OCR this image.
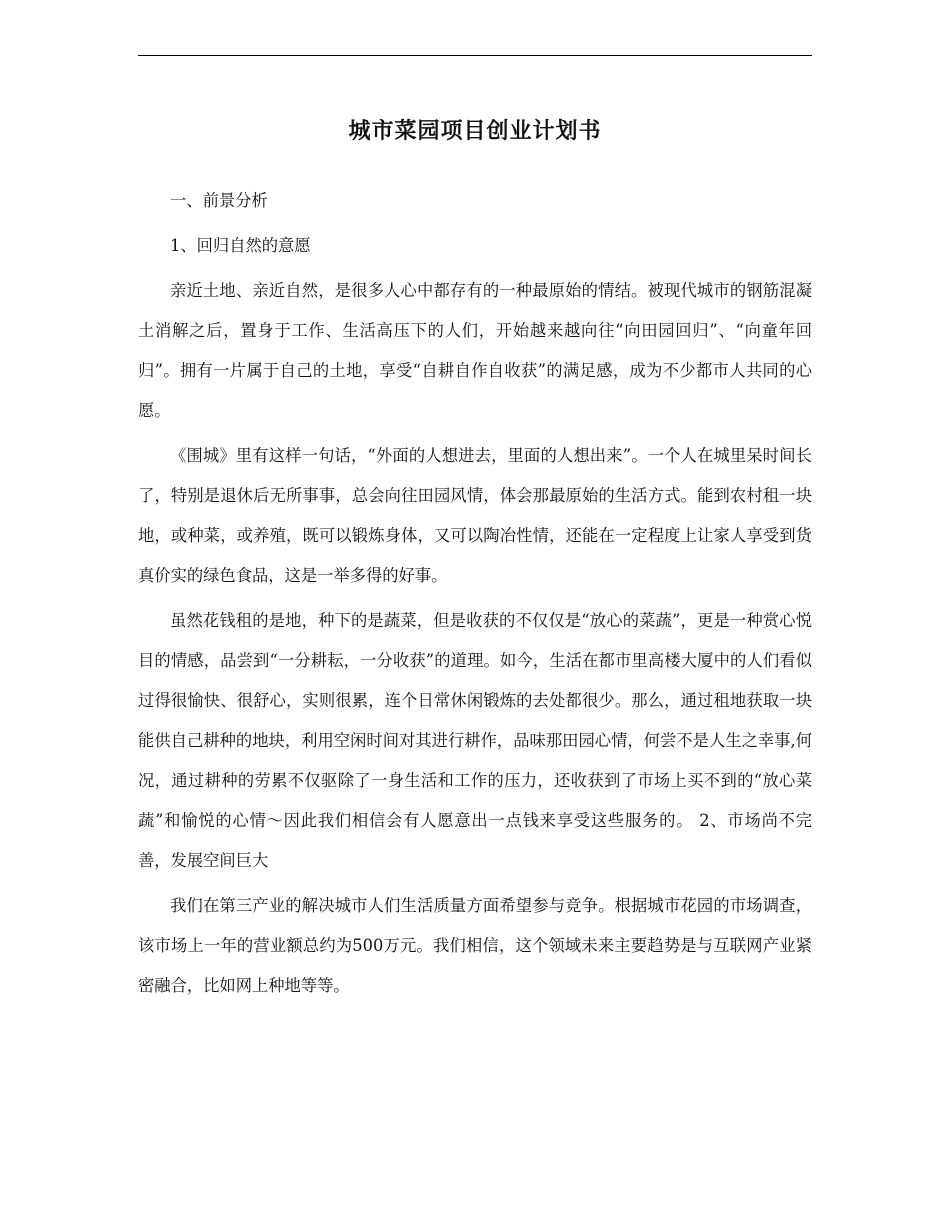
城市菜园项目创业计划书

一、前景分析

1、回归自然的意愿

亲近土地、亲近自然，是很多人心中都存有的一种最原始的情结。被现代城市的钢筋混凝土消解之后，置身于工作、生活高压下的人们，开始越来越向往“向田园回归”、“向童年回归”。拥有一片属于自己的土地，享受“自耕自作自收获”的满足感，成为不少都市人共同的心愿。

《围城》里有这样一句话，“外面的人想进去，里面的人想出来”。一个人在城里呆时间长了，特别是退休后无所事事，总会向往田园风情，体会那最原始的生活方式。能到农村租一块地，或种菜，或养殖，既可以锻炼身体，又可以陶冶性情，还能在一定程度上让家人享受到货真价实的绿色食品，这是一举多得的好事。

虽然花钱租的是地，种下的是蔬菜，但是收获的不仅仅是“放心的菜蔬”，更是一种赏心悦目的情感，品尝到“一分耕耘，一分收获”的道理。如今，生活在都市里高楼大厦中的人们看似过得很愉快、很舒心，实则很累，连个日常休闲锻炼的去处都很少。那么，通过租地获取一块能供自己耕种的地块，利用空闲时间对其进行耕作，品味那田园心情，何尝不是人生之幸事,何况，通过耕种的劳累不仅驱除了一身生活和工作的压力，还收获到了市场上买不到的“放心菜蔬”和愉悦的心情～因此我们相信会有人愿意出一点钱来享受这些服务的。 2、市场尚不完善，发展空间巨大

我们在第三产业的解决城市人们生活质量方面希望参与竞争。根据城市花园的市场调查，该市场上一年的营业额总约为500万元。我们相信，这个领域未来主要趋势是与互联网产业紧密融合，比如网上种地等等。
